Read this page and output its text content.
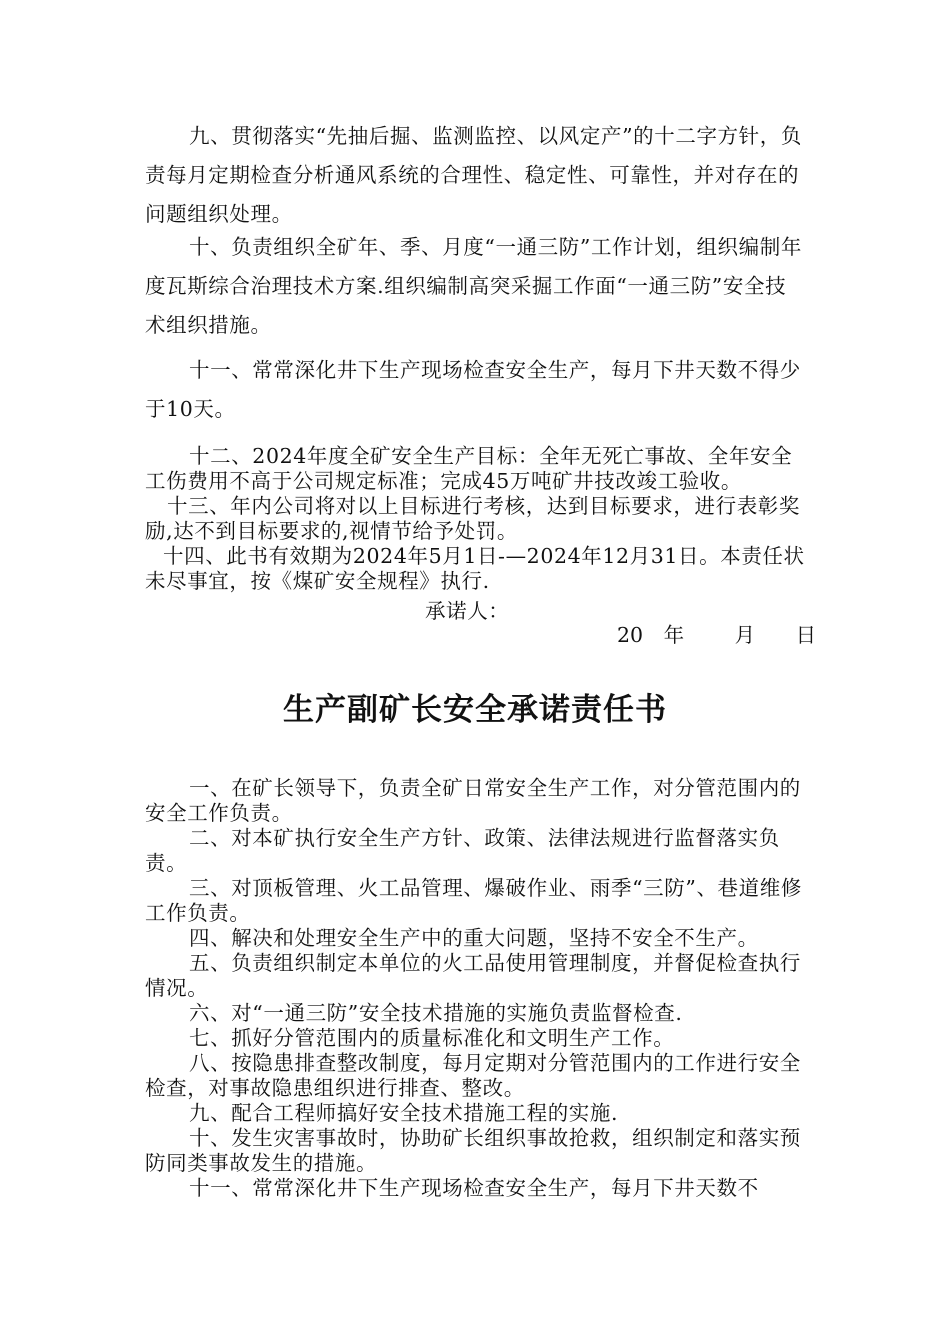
九、贯彻落实“先抽后掘、监测监控、以风定产”的十二字方针，负责每月定期检查分析通风系统的合理性、稳定性、可靠性，并对存在的问题组织处理。

十、负责组织全矿年、季、月度“一通三防”工作计划，组织编制年度瓦斯综合治理技术方案.组织编制高突采掘工作面“一通三防”安全技术组织措施。

十一、常常深化井下生产现场检查安全生产，每月下井天数不得少于10天。

十二、2024年度全矿安全生产目标：全年无死亡事故、全年安全工伤费用不高于公司规定标准；完成45万吨矿井技改竣工验收。

十三、年内公司将对以上目标进行考核，达到目标要求，进行表彰奖励,达不到目标要求的,视情节给予处罚。

十四、此书有效期为2024年5月1日-—2024年12月31日。本责任状未尽事宜，按《煤矿安全规程》执行.

承诺人：
20　年 月 日
生产副矿长安全承诺责任书

一、在矿长领导下，负责全矿日常安全生产工作，对分管范围内的安全工作负责。

二、对本矿执行安全生产方针、政策、法律法规进行监督落实负责。

三、对顶板管理、火工品管理、爆破作业、雨季“三防”、巷道维修工作负责。

四、解决和处理安全生产中的重大问题，坚持不安全不生产。

五、负责组织制定本单位的火工品使用管理制度，并督促检查执行情况。

六、对“一通三防”安全技术措施的实施负责监督检查.

七、抓好分管范围内的质量标准化和文明生产工作。

八、按隐患排查整改制度，每月定期对分管范围内的工作进行安全检查，对事故隐患组织进行排查、整改。

九、配合工程师搞好安全技术措施工程的实施.

十、发生灾害事故时，协助矿长组织事故抢救，组织制定和落实预防同类事故发生的措施。

十一、常常深化井下生产现场检查安全生产，每月下井天数不
